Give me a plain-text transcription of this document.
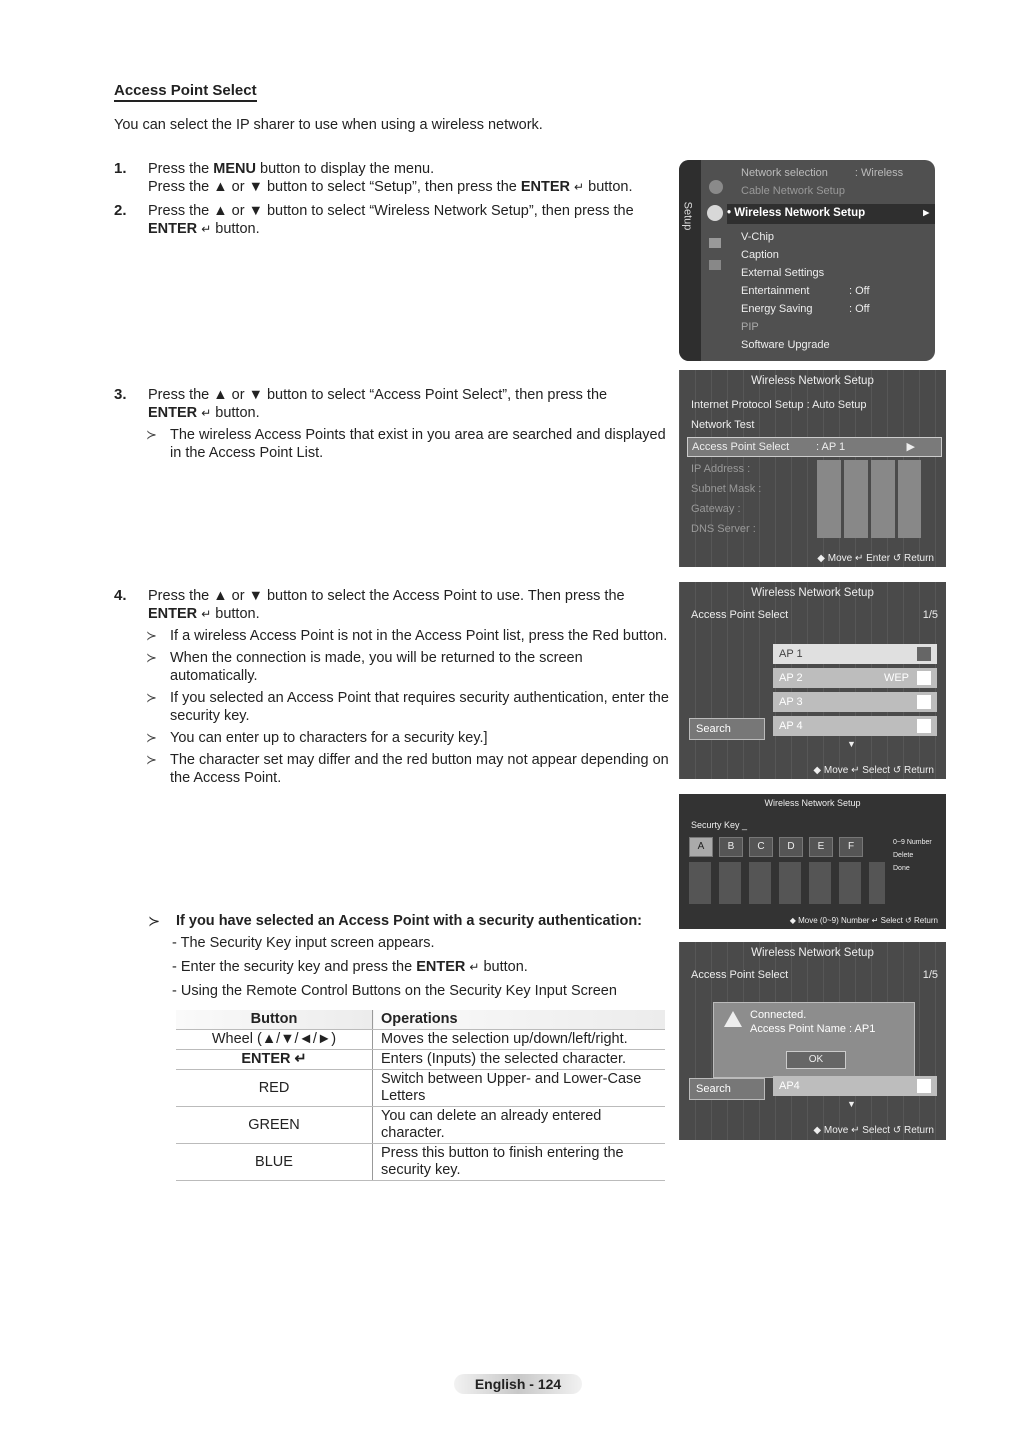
Access Point Select
You can select the IP sharer to use when using a wireless network.
1. Press the MENU button to display the menu.

Press the ▲ or ▼ button to select “Setup”, then press the ENTER ↵ button.

2. Press the ▲ or ▼ button to select “Wireless Network Setup”, then press the

ENTER ↵ button.

3. Press the ▲ or ▼ button to select “Access Point Select”, then press the

ENTER ↵ button.

≻ The wireless Access Points that exist in you area are searched and displayed in the Access Point List.
4. Press the ▲ or ▼ button to select the Access Point to use. Then press the

ENTER ↵ button.

≻ If a wireless Access Point is not in the Access Point list, press the Red button.
≻ When the connection is made, you will be returned to the screen automatically.
≻ If you selected an Access Point that requires security authentication, enter the security key.
≻ You can enter up to characters for a security key.]
≻ The character set may differ and the red button may not appear depending on the Access Point.
≻ If you have selected an Access Point with a security authentication:
- The Security Key input screen appears.
- Enter the security key and press the ENTER ↵ button.
- Using the Remote Control Buttons on the Security Key Input Screen
Button	Operations
Wheel (▲/▼/◄/►)	Moves the selection up/down/left/right.
ENTER ↵	Enters (Inputs) the selected character.
RED	Switch between Upper- and Lower-Case Letters
GREEN	You can delete an already entered character.
BLUE	Press this button to finish entering the security key.
Setup
Network selection : Wireless
Cable Network Setup
• Wireless Network Setup	▸
V-Chip
Caption
External Settings
Entertainment	: Off
Energy Saving	: Off
PIP
Software Upgrade
Wireless Network Setup
Internet Protocol Setup : Auto Setup
Network Test
Access Point Select : AP 1	▶
IP Address :
Subnet Mask :
Gateway :
DNS Server :
◆ Move ↵ Enter ↺ Return
Wireless Network Setup
Access Point Select	1/5
AP 1
AP 2	WEP
AP 3
AP 4
Search
▼
◆ Move ↵ Select ↺ Return
Wireless Network Setup
Securty Key _
A B C D E F	0~9 Number
Delete
Done
◆ Move (0~9) Number ↵ Select ↺ Return
Wireless Network Setup
Access Point Select	1/5
Connected.
Access Point Name : AP1
OK
AP4
Search
▼
◆ Move ↵ Select ↺ Return
English - 124
